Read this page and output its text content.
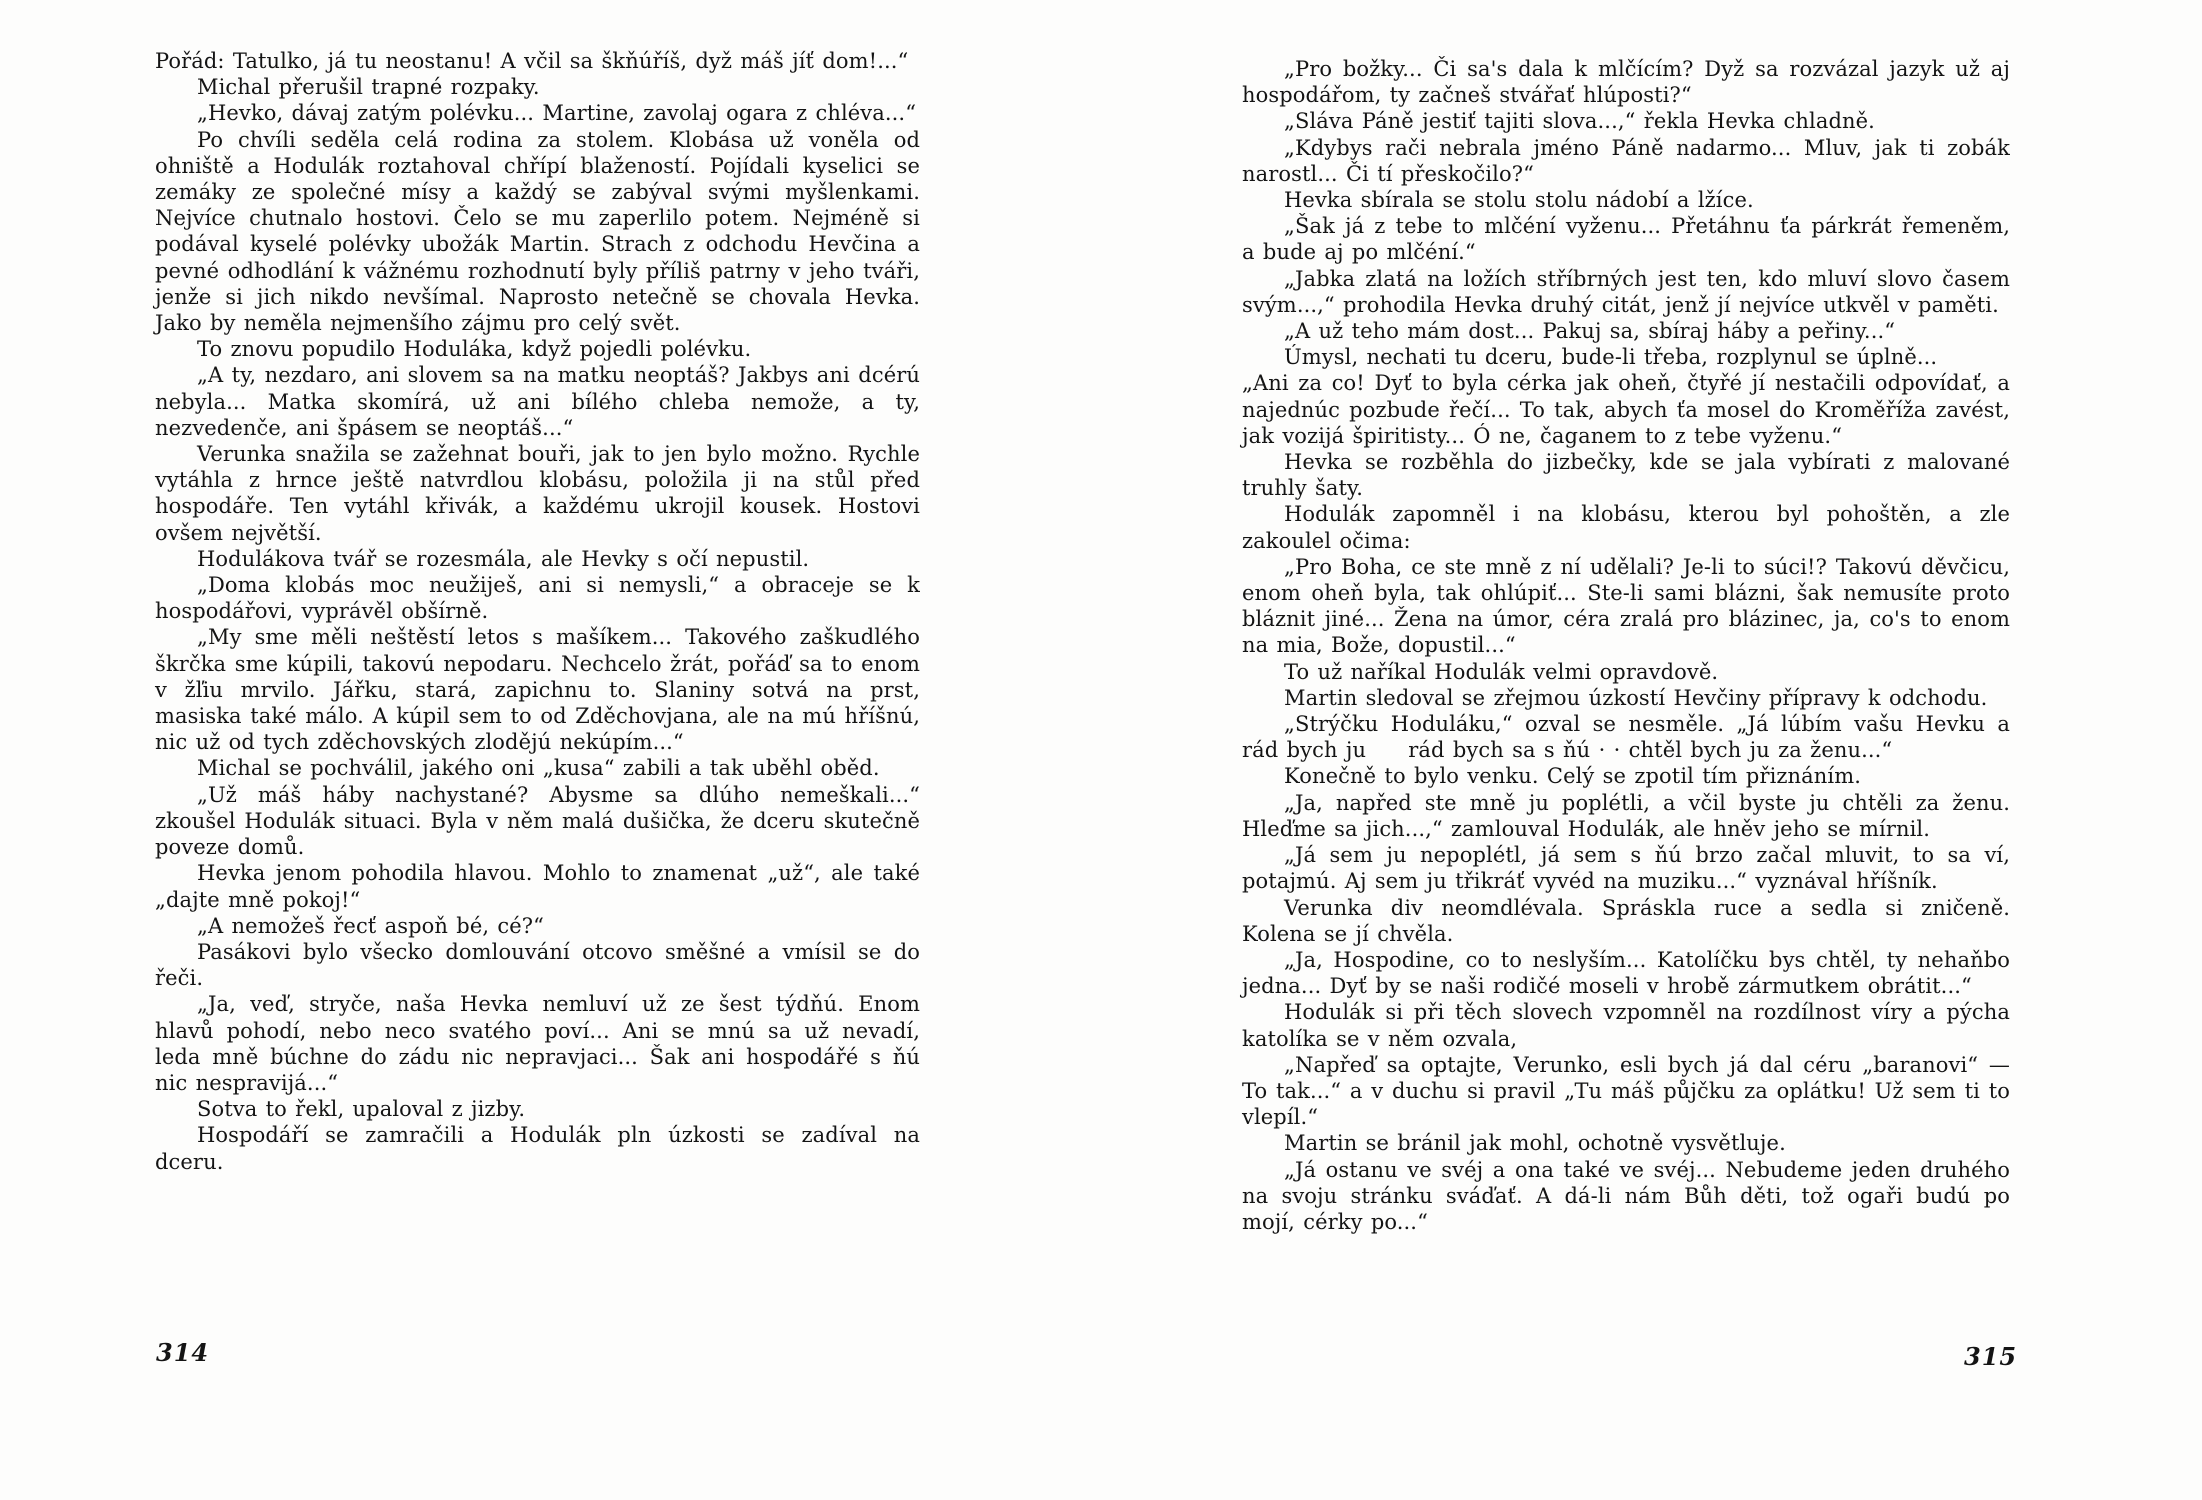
Pořád: Tatulko, já tu neostanu! A včil sa škňúříš, dyž máš jíť dom!...“

Michal přerušil trapné rozpaky.

„Hevko, dávaj zatým polévku... Martine, zavolaj ogara z chléva...“

Po chvíli seděla celá rodina za stolem. Klobása už voněla od ohniště a Hodulák roztahoval chřípí blažeností. Pojídali kyselici se zemáky ze společné mísy a každý se zabýval svými myšlenkami. Nejvíce chutnalo hostovi. Čelo se mu zaperlilo potem. Nejméně si podával kyselé polévky ubožák Martin. Strach z odchodu Hevčina a pevné odhodlání k vážnému rozhodnutí byly příliš patrny v jeho tváři, jenže si jich nikdo nevšímal. Naprosto netečně se chovala Hevka. Jako by neměla nejmenšího zájmu pro celý svět.

To znovu popudilo Hoduláka, když pojedli polévku.

„A ty, nezdaro, ani slovem sa na matku neoptáš? Jakbys ani dcérú nebyla... Matka skomírá, už ani bílého chleba nemože, a ty, nezvedenče, ani špásem se neoptáš...“

Verunka snažila se zažehnat bouři, jak to jen bylo možno. Rychle vytáhla z hrnce ještě natvrdlou klobásu, položila ji na stůl před hospodáře. Ten vytáhl křivák, a každému ukrojil kousek. Hostovi ovšem největší.

Hodulákova tvář se rozesmála, ale Hevky s očí nepustil.

„Doma klobás moc neužiješ, ani si nemysli,“ a obraceje se k hospodářovi, vyprávěl obšírně.

„My sme měli neštěstí letos s mašíkem... Takového zaškudlého škrčka sme kúpili, takovú nepodaru. Nechcelo žrát, pořáď sa to enom v žľiu mrvilo. Jářku, stará, zapichnu to. Slaniny sotvá na prst, masiska také málo. A kúpil sem to od Zděchovjana, ale na mú hříšnú, nic už od tych zděchovských zlodějú nekúpím...“

Michal se pochválil, jakého oni „kusa“ zabili a tak uběhl oběd.

„Už máš háby nachystané? Abysme sa dlúho nemeškali...“ zkoušel Hodulák situaci. Byla v něm malá dušička, že dceru skutečně poveze domů.

Hevka jenom pohodila hlavou. Mohlo to znamenat „už“, ale také „dajte mně pokoj!“

„A nemožeš řecť aspoň bé, cé?“

Pasákovi bylo všecko domlouvání otcovo směšné a vmísil se do řeči.

„Ja, veď, stryče, naša Hevka nemluví už ze šest týdňú. Enom hlavů pohodí, nebo neco svatého poví... Ani se mnú sa už nevadí, leda mně búchne do zádu nic nepravjaci... Šak ani hospodářé s ňú nic nespravijá...“

Sotva to řekl, upaloval z jizby.

Hospodáří se zamračili a Hodulák pln úzkosti se zadíval na dceru.

„Pro božky... Či sa's dala k mlčícím? Dyž sa rozvázal jazyk už aj hospodářom, ty začneš stvářať hlúposti?“

„Sláva Páně jestiť tajiti slova...,“ řekla Hevka chladně.

„Kdybys rači nebrala jméno Páně nadarmo... Mluv, jak ti zobák narostl... Či tí přeskočilo?“

Hevka sbírala se stolu stolu nádobí a lžíce.

„Šak já z tebe to mlčéní vyženu... Přetáhnu ťa párkrát řemeněm, a bude aj po mlčéní.“

„Jabka zlatá na ložích stříbrných jest ten, kdo mluví slovo časem svým...,“ prohodila Hevka druhý citát, jenž jí nejvíce utkvěl v paměti.

„A už teho mám dost... Pakuj sa, sbíraj háby a peřiny...“

Úmysl, nechati tu dceru, bude-li třeba, rozplynul se úplně...

„Ani za co! Dyť to byla cérka jak oheň, čtyřé jí nestačili odpovídať, a najednúc pozbude řečí... To tak, abych ťa mosel do Kroměříža zavést, jak vozijá špiritisty... Ó ne, čaganem to z tebe vyženu.“

Hevka se rozběhla do jizbečky, kde se jala vybírati z malované truhly šaty.

Hodulák zapomněl i na klobásu, kterou byl pohoštěn, a zle zakoulel očima:

„Pro Boha, ce ste mně z ní udělali? Je-li to súci!? Takovú děvčicu, enom oheň byla, tak ohlúpiť... Ste-li sami blázni, šak nemusíte proto bláznit jiné... Žena na úmor, céra zralá pro blázinec, ja, co's to enom na mia, Bože, dopustil...“

To už naříkal Hodulák velmi opravdově.

Martin sledoval se zřejmou úzkostí Hevčiny přípravy k odchodu.

„Strýčku Hoduláku,“ ozval se nesměle. „Já lúbím vašu Hevku a rád bych ju  rád bych sa s ňú · · chtěl bych ju za ženu...“

Konečně to bylo venku. Celý se zpotil tím přiznáním.

„Ja, napřed ste mně ju poplétli, a včil byste ju chtěli za ženu. Hleďme sa jich...,“ zamlouval Hodulák, ale hněv jeho se mírnil.

„Já sem ju nepoplétl, já sem s ňú brzo začal mluvit, to sa ví, potajmú. Aj sem ju třikráť vyvéd na muziku...“ vyznával hříšník.

Verunka div neomdlévala. Spráskla ruce a sedla si zničeně. Kolena se jí chvěla.

„Ja, Hospodine, co to neslyším... Katolíčku bys chtěl, ty nehaňbo jedna... Dyť by se naši rodičé moseli v hrobě zármutkem obrátit...“

Hodulák si při těch slovech vzpomněl na rozdílnost víry a pýcha katolíka se v něm ozvala,

„Napřeď sa optajte, Verunko, esli bych já dal céru „baranovi“ — To tak...“ a v duchu si pravil „Tu máš půjčku za oplátku! Už sem ti to vlepíl.“

Martin se bránil jak mohl, ochotně vysvětluje.

„Já ostanu ve svéj a ona také ve svéj... Nebudeme jeden druhého na svoju stránku sváďať. A dá-li nám Bůh děti, tož ogaři budú po mojí, cérky po...“

314	315
